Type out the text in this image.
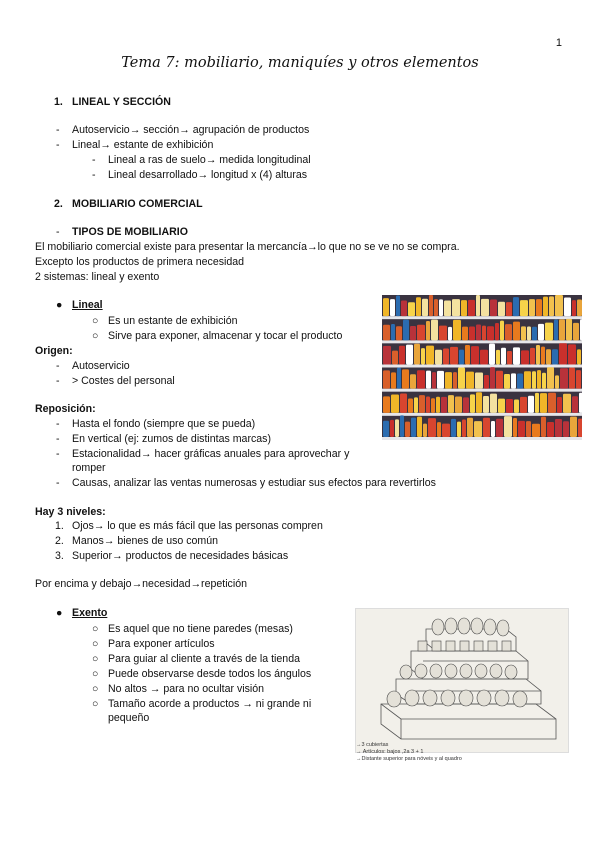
1
Tema 7: mobiliario, maniquíes y otros elementos
1. LINEAL Y SECCIÓN
- Autoservicio→ sección→ agrupación de productos
- Lineal→ estante de exhibición
- Lineal a ras de suelo→ medida longitudinal
- Lineal desarrollado→ longitud x (4) alturas
2. MOBILIARIO COMERCIAL
- TIPOS DE MOBILIARIO
El mobiliario comercial existe para presentar la mercancía→lo que no se ve no se compra.
Excepto los productos de primera necesidad
2 sistemas: lineal y exento
● Lineal
○ Es un estante de exhibición
○ Sirve para exponer, almacenar y tocar el producto
Origen:
- Autoservicio
- > Costes del personal
Reposición:
- Hasta el fondo (siempre que se pueda)
- En vertical (ej: zumos de distintas marcas)
- Estacionalidad→ hacer gráficas anuales para aprovechar y
romper
- Causas, analizar las ventas numerosas y estudiar sus efectos para revertirlos
Hay 3 niveles:
1. Ojos→ lo que es más fácil que las personas compren
2. Manos→ bienes de uso común
3. Superior→ productos de necesidades básicas
Por encima y debajo→necesidad→repetición
● Exento
○ Es aquel que no tiene paredes (mesas)
○ Para exponer artículos
○ Para guiar al cliente a través de la tienda
○ Puede observarse desde todos los ángulos
○ No altos → para no ocultar visión
○ Tamaño acorde a productos → ni grande ni
pequeño
→3 cubiertas
→ Artículos: bajos ,2a 3 + 1
→Distante superior para nóveis y al quadro
